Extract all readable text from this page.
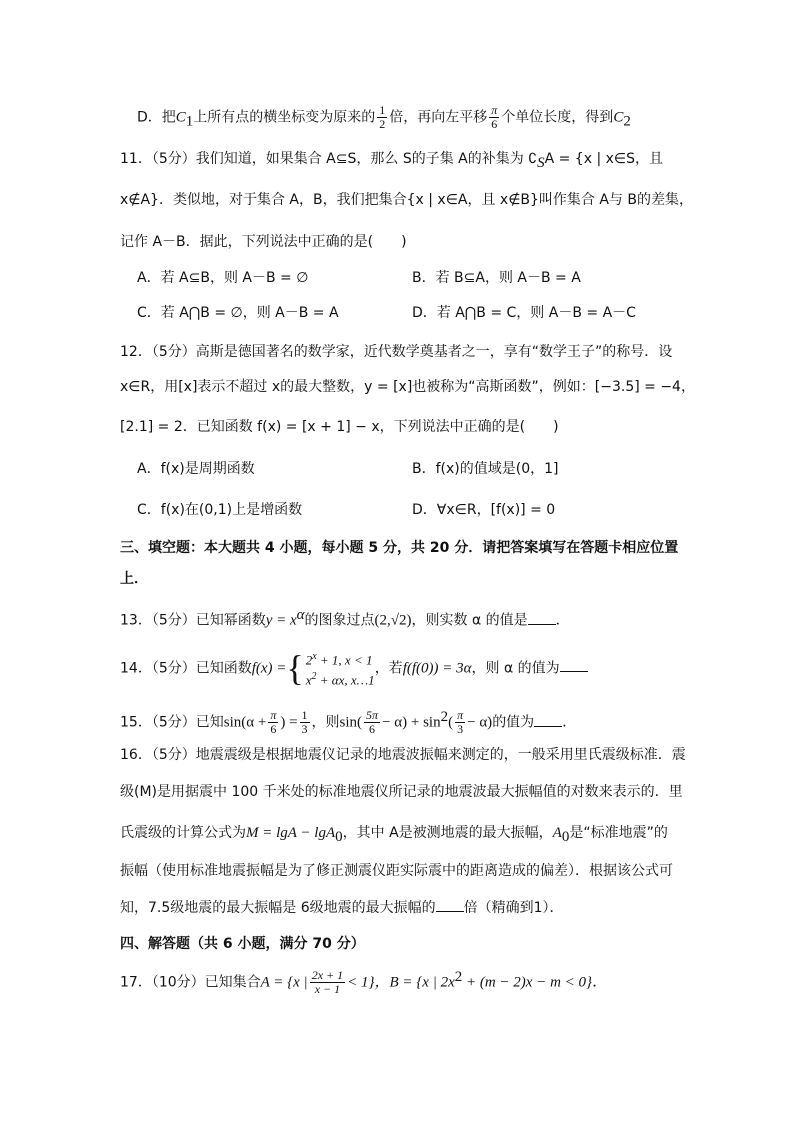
D．把$C_1$上所有点的横坐标变为原来的 $\frac{1}{2}$ 倍，再向左平移 $\frac{\pi}{6}$ 个单位长度，得到$C_2$
11．（5分）我们知道，如果集合 A⊆S，那么 S的子集 A的补集为 $∁_SA = \{x$ | x∈S，且
x∉A}．类似地，对于集合 A，B，我们把集合{x | x∈A，且 x∉B}叫作集合 A与 B的差集，
记作 A－B．据此，下列说法中正确的是(　　)
A．若 A⊆B，则 A－B = ∅	B．若 B⊆A，则 A－B = A
C．若 A⋂B = ∅，则 A－B = A	D．若 A⋂B = C，则 A－B = A－C
12．（5分）高斯是德国著名的数学家，近代数学奠基者之一，享有“数学王子”的称号．设
x∈R，用[x]表示不超过 x的最大整数，y = [x]也被称为“高斯函数”，例如：[−3.5] = −4，
[2.1] = 2．已知函数 f(x) = [x + 1] − x，下列说法中正确的是(　　)
A．f(x)是周期函数	B．f(x)的值域是(0，1]
C．f(x)在(0,1)上是增函数	D．∀x∈R，[f(x)] = 0
三、填空题：本大题共 4 小题，每小题 5 分，共 20 分．请把答案填写在答题卡相应位置
上．
13．（5分）已知幂函数$y = x^\alpha$的图象过点(2,√2)，则实数 α 的值是 ．
14．（5分）已知函数f(x) ={ $2^x + 1$, x < 1
$x^2 + \alpha x$, x…1
，若f(f(0)) = 3α，则 α 的值为
15．（5分）已知$\sin(\alpha + \frac{\pi}{6}$ ) = $\frac{1}{3}$ ，则$\sin( \frac{5\pi}{6} - \alpha) + \sin^2( \frac{\pi}{3} - \alpha)$的值为 ．
16．（5分）地震震级是根据地震仪记录的地震波振幅来测定的，一般采用里氏震级标准．震
级(M)是用据震中 100 千米处的标准地震仪所记录的地震波最大振幅值的对数来表示的．里
氏震级的计算公式为M = lgA − lgA$_0$，其中 A是被测地震的最大振幅，$A_0$是“标准地震”的
振幅（使用标准地震振幅是为了修正测震仪距实际震中的距离造成的偏差）．根据该公式可
知，7.5级地震的最大振幅是 6级地震的最大振幅的 倍（精确到1）．
四、解答题（共 6 小题，满分 70 分）
17．（10分）已知集合A = {x | $\frac{2x + 1}{x - 1} < 1$}，B = {x | $2x^2 + (m - 2)x - m < 0$}．
